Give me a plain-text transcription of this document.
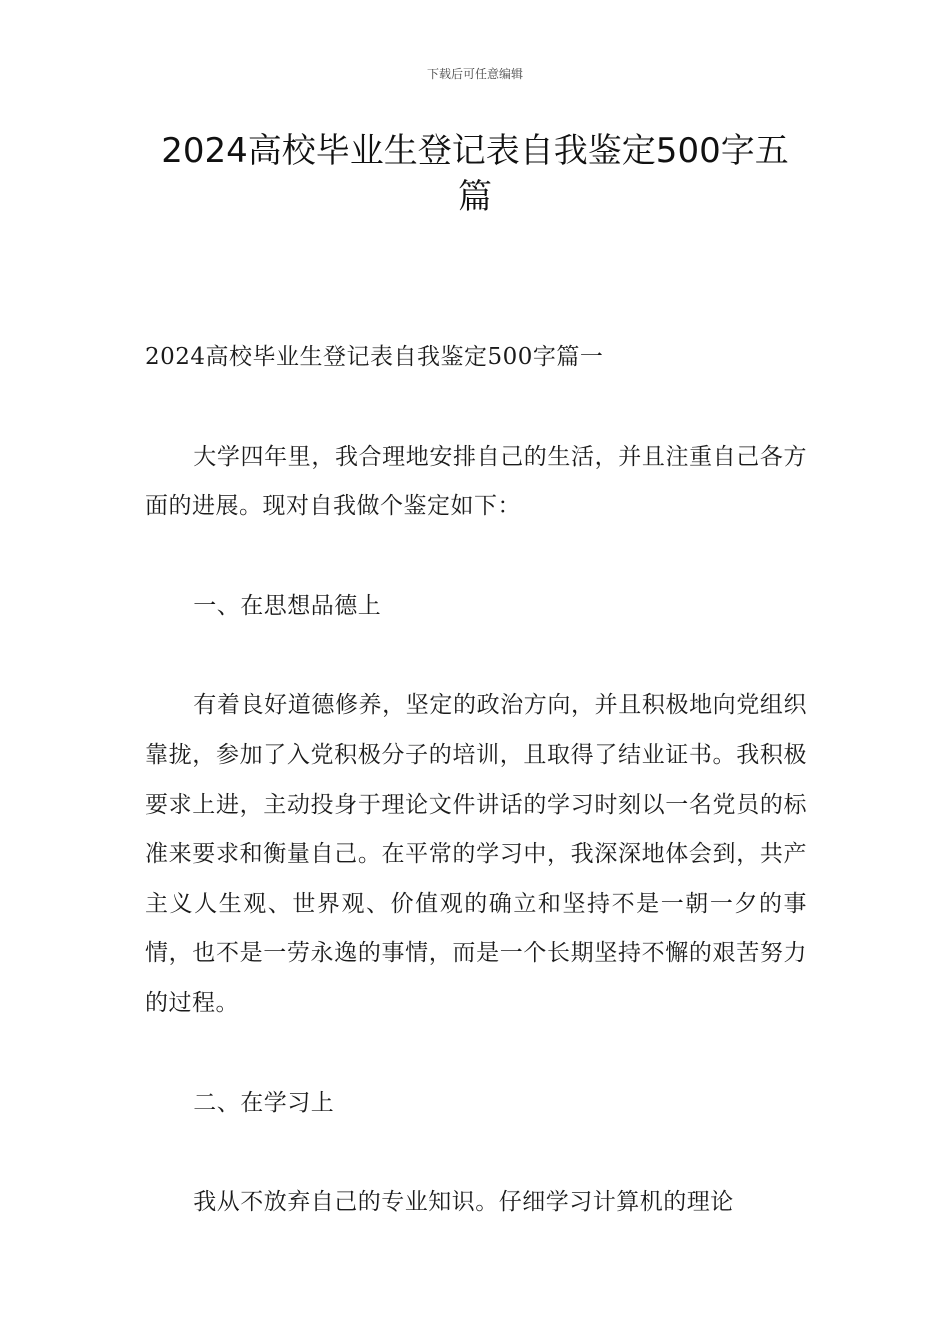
下载后可任意编辑
2024高校毕业生登记表自我鉴定500字五篇

2024高校毕业生登记表自我鉴定500字篇一

大学四年里，我合理地安排自己的生活，并且注重自己各方面的进展。现对自我做个鉴定如下：

一、在思想品德上

有着良好道德修养，坚定的政治方向，并且积极地向党组织靠拢，参加了入党积极分子的培训，且取得了结业证书。我积极要求上进，主动投身于理论文件讲话的学习时刻以一名党员的标准来要求和衡量自己。在平常的学习中，我深深地体会到，共产主义人生观、世界观、价值观的确立和坚持不是一朝一夕的事情，也不是一劳永逸的事情，而是一个长期坚持不懈的艰苦努力的过程。

二、在学习上

我从不放弃自己的专业知识。仔细学习计算机的理论
